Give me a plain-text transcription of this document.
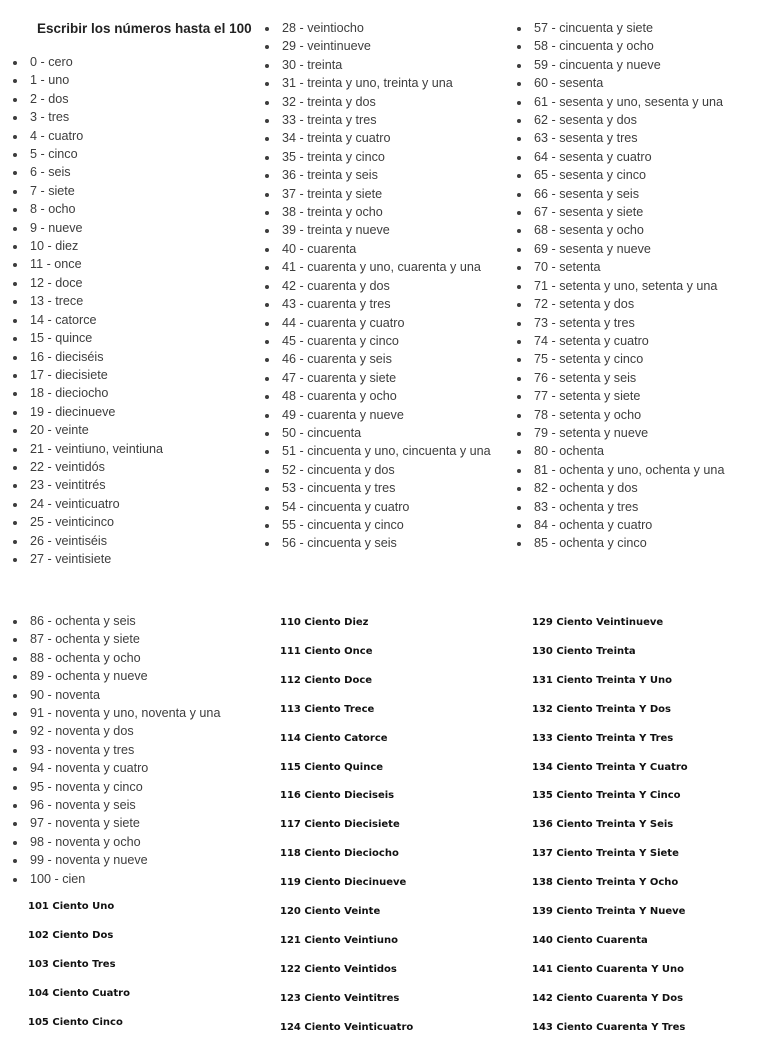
Escribir los números hasta el 100
0 - cero
1 - uno
2 - dos
3 - tres
4 - cuatro
5 - cinco
6 - seis
7 - siete
8 - ocho
9 - nueve
10 - diez
11 - once
12 - doce
13 - trece
14 - catorce
15 - quince
16 - dieciséis
17 - diecisiete
18 - dieciocho
19 - diecinueve
20 - veinte
21 - veintiuno, veintiuna
22 - veintidós
23 - veintitrés
24 - veinticuatro
25 - veinticinco
26 - veintiséis
27 - veintisiete
28 - veintiocho
29 - veintinueve
30 - treinta
31 - treinta y uno, treinta y una
32 - treinta y dos
33 - treinta y tres
34 - treinta y cuatro
35 - treinta y cinco
36 - treinta y seis
37 - treinta y siete
38 - treinta y ocho
39 - treinta y nueve
40 - cuarenta
41 - cuarenta y uno, cuarenta y una
42 - cuarenta y dos
43 - cuarenta y tres
44 - cuarenta y cuatro
45 - cuarenta y cinco
46 - cuarenta y seis
47 - cuarenta y siete
48 - cuarenta y ocho
49 - cuarenta y nueve
50 - cincuenta
51 - cincuenta y uno, cincuenta y una
52 - cincuenta y dos
53 - cincuenta y tres
54 - cincuenta y cuatro
55 - cincuenta y cinco
56 - cincuenta y seis
57 - cincuenta y siete
58 - cincuenta y ocho
59 - cincuenta y nueve
60 - sesenta
61 - sesenta y uno, sesenta y una
62 - sesenta y dos
63 - sesenta y tres
64 - sesenta y cuatro
65 - sesenta y cinco
66 - sesenta y seis
67 - sesenta y siete
68 - sesenta y ocho
69 - sesenta y nueve
70 - setenta
71 - setenta y uno, setenta y una
72 - setenta y dos
73 - setenta y tres
74 - setenta y cuatro
75 - setenta y cinco
76 - setenta y seis
77 - setenta y siete
78 - setenta y ocho
79 - setenta y nueve
80 - ochenta
81 - ochenta y uno, ochenta y una
82 - ochenta y dos
83 - ochenta y tres
84 - ochenta y cuatro
85 - ochenta y cinco
86 - ochenta y seis
87 - ochenta y siete
88 - ochenta y ocho
89 - ochenta y nueve
90 - noventa
91 - noventa y uno, noventa y una
92 - noventa y dos
93 - noventa y tres
94 - noventa y cuatro
95 - noventa y cinco
96 - noventa y seis
97 - noventa y siete
98 - noventa y ocho
99 - noventa y nueve
100 - cien
101 Ciento Uno
102 Ciento Dos
103 Ciento Tres
104 Ciento Cuatro
105 Ciento Cinco
110 Ciento Diez
111 Ciento Once
112 Ciento Doce
113 Ciento Trece
114 Ciento Catorce
115 Ciento Quince
116 Ciento Dieciseis
117 Ciento Diecisiete
118 Ciento Dieciocho
119 Ciento Diecinueve
120 Ciento Veinte
121 Ciento Veintiuno
122 Ciento Veintidos
123 Ciento Veintitres
124 Ciento Veinticuatro
129 Ciento Veintinueve
130 Ciento Treinta
131 Ciento Treinta Y Uno
132 Ciento Treinta Y Dos
133 Ciento Treinta Y Tres
134 Ciento Treinta Y Cuatro
135 Ciento Treinta Y Cinco
136 Ciento Treinta Y Seis
137 Ciento Treinta Y Siete
138 Ciento Treinta Y Ocho
139 Ciento Treinta Y Nueve
140 Ciento Cuarenta
141 Ciento Cuarenta Y Uno
142 Ciento Cuarenta Y Dos
143 Ciento Cuarenta Y Tres
